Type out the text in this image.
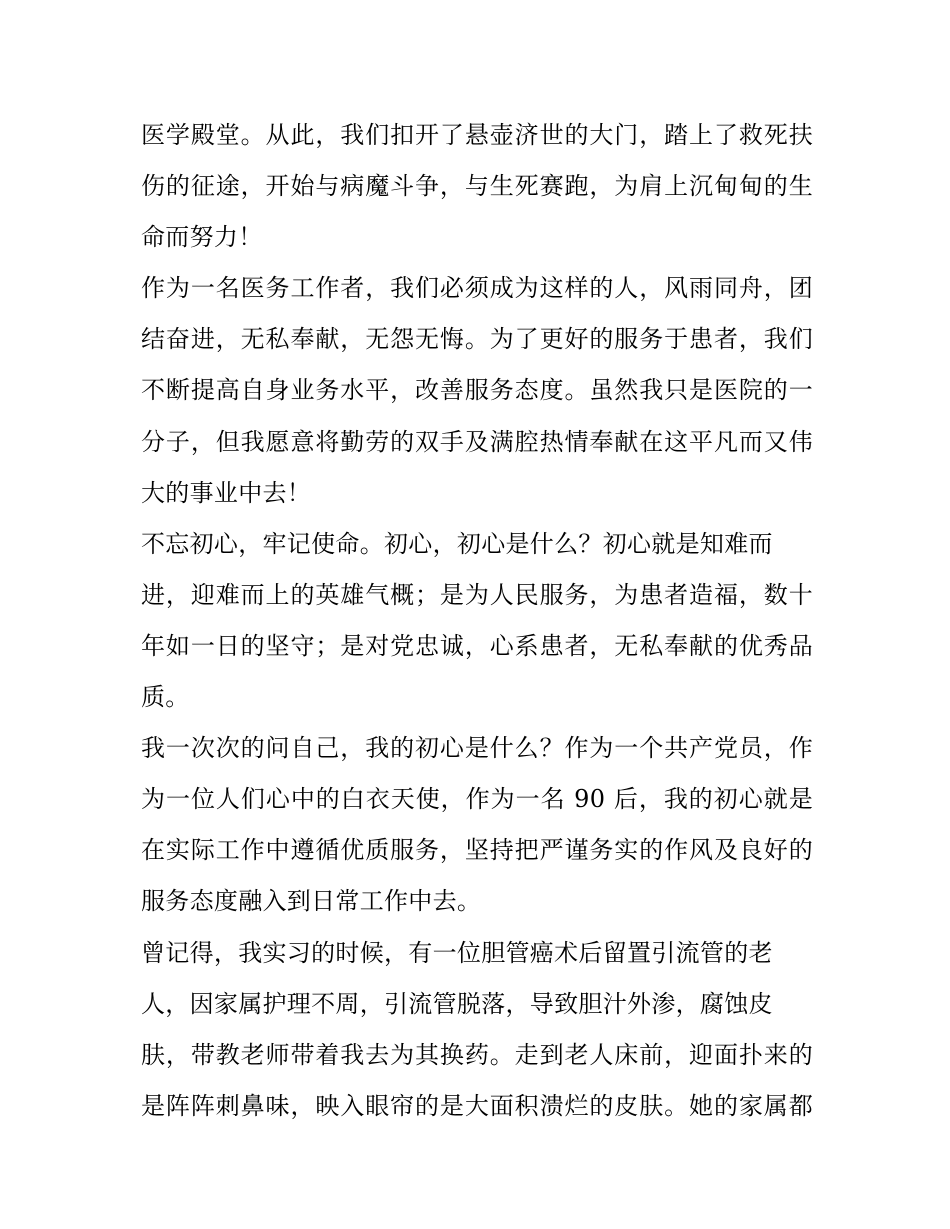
医学殿堂。从此，我们扣开了悬壶济世的大门，踏上了救死扶
伤的征途，开始与病魔斗争，与生死赛跑，为肩上沉甸甸的生
命而努力！
作为一名医务工作者，我们必须成为这样的人，风雨同舟，团
结奋进，无私奉献，无怨无悔。为了更好的服务于患者，我们
不断提高自身业务水平，改善服务态度。虽然我只是医院的一
分子，但我愿意将勤劳的双手及满腔热情奉献在这平凡而又伟
大的事业中去！
不忘初心，牢记使命。初心，初心是什么？初心就是知难而
进，迎难而上的英雄气概；是为人民服务，为患者造福，数十
年如一日的坚守；是对党忠诚，心系患者，无私奉献的优秀品
质。
我一次次的问自己，我的初心是什么？作为一个共产党员，作
为一位人们心中的白衣天使，作为一名 90 后，我的初心就是
在实际工作中遵循优质服务，坚持把严谨务实的作风及良好的
服务态度融入到日常工作中去。
曾记得，我实习的时候，有一位胆管癌术后留置引流管的老
人，因家属护理不周，引流管脱落，导致胆汁外渗，腐蚀皮
肤，带教老师带着我去为其换药。走到老人床前，迎面扑来的
是阵阵刺鼻味，映入眼帘的是大面积溃烂的皮肤。她的家属都
